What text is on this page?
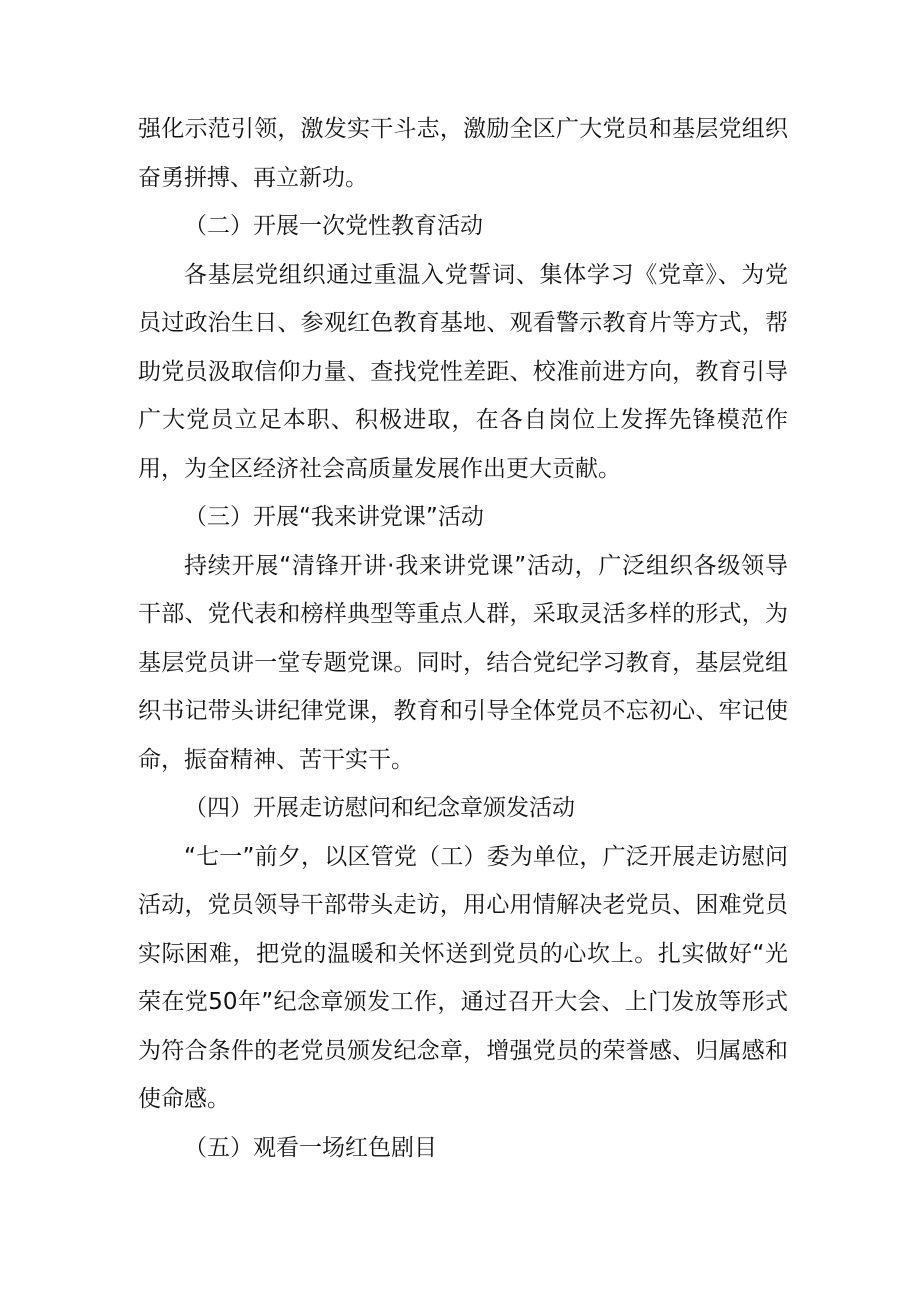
强化示范引领，激发实干斗志，激励全区广大党员和基层党组织奋勇拼搏、再立新功。

（二）开展一次党性教育活动

各基层党组织通过重温入党誓词、集体学习《党章》、为党员过政治生日、参观红色教育基地、观看警示教育片等方式，帮助党员汲取信仰力量、查找党性差距、校准前进方向，教育引导广大党员立足本职、积极进取，在各自岗位上发挥先锋模范作用，为全区经济社会高质量发展作出更大贡献。

（三）开展“我来讲党课”活动

持续开展“清锋开讲·我来讲党课”活动，广泛组织各级领导干部、党代表和榜样典型等重点人群，采取灵活多样的形式，为基层党员讲一堂专题党课。同时，结合党纪学习教育，基层党组织书记带头讲纪律党课，教育和引导全体党员不忘初心、牢记使命，振奋精神、苦干实干。

（四）开展走访慰问和纪念章颁发活动

“七一”前夕，以区管党（工）委为单位，广泛开展走访慰问活动，党员领导干部带头走访，用心用情解决老党员、困难党员实际困难，把党的温暖和关怀送到党员的心坎上。扎实做好“光荣在党50年”纪念章颁发工作，通过召开大会、上门发放等形式为符合条件的老党员颁发纪念章，增强党员的荣誉感、归属感和使命感。

（五）观看一场红色剧目
